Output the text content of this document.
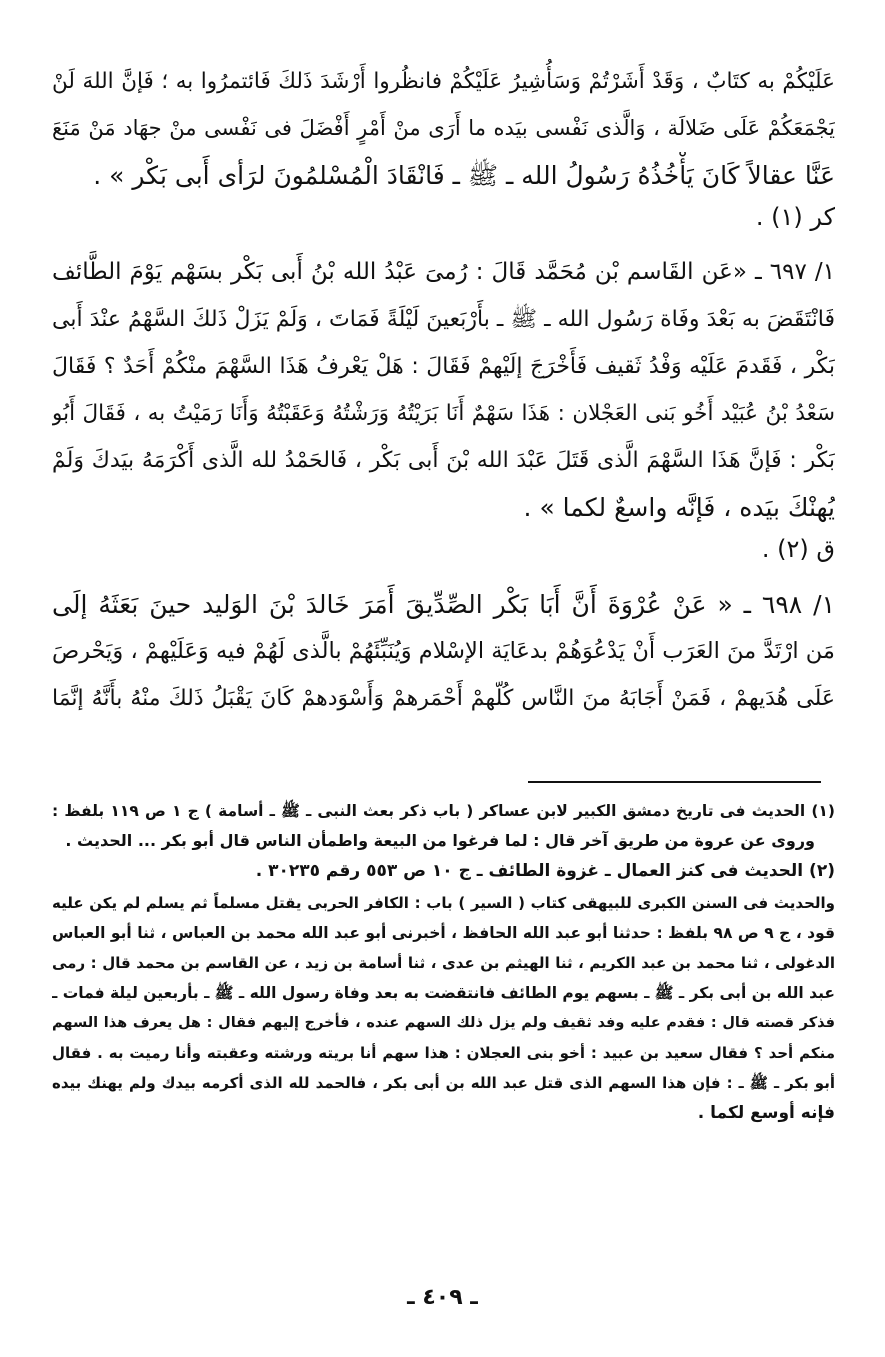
عَلَيْكُمْ به كتَابٌ ، وَقَدْ أَشَرْتُمْ وَسَأُشِيرُ عَلَيْكُمْ فانظُروا أَرْشَدَ ذَلكَ فَائتمرُوا به ؛ فَإنَّ اللهَ لَنْ
يَجْمَعَكُمْ عَلَى ضَلالَة ، وَالَّذى نَفْسى بيَده ما أَرَى منْ أَمْرٍ أَفْضَلَ فى نَفْسى منْ جهَاد مَنْ مَنَعَ
عَنَّا عقالاً كَانَ يَأْخُذُهُ رَسُولُ الله ـ ﷺ ـ فَانْقَادَ الْمُسْلمُونَ لرَأى أَبى بَكْر » .
كر (١) .
١/ ٦٩٧ ـ «عَن القَاسم بْن مُحَمَّد قَالَ : رُمىَ عَبْدُ الله بْنُ أَبى بَكْر بسَهْم يَوْمَ الطَّائف
فَانْتَقَضَ به بَعْدَ وفَاة رَسُول الله ـ ﷺ ـ بأَرْبَعينَ لَيْلَةً فَمَاتَ ، وَلَمْ يَزَلْ ذَلكَ السَّهْمُ عنْدَ أَبى
بَكْر ، فَقَدمَ عَلَيْه وَفْدُ ثَقيف فَأَخْرَجَ إلَيْهمْ فَقَالَ : هَلْ يَعْرفُ هَذَا السَّهْمَ منْكُمْ أَحَدٌ ؟ فَقَالَ
سَعْدُ بْنُ عُبَيْد أَخُو بَنى العَجْلان : هَذَا سَهْمٌ أَنَا بَرَيْتُهُ وَرَشْتُهُ وَعَقَبْتُهُ وَأَنَا رَمَيْتُ به ، فَقَالَ أَبُو
بَكْر : فَإنَّ هَذَا السَّهْمَ الَّذى قَتَلَ عَبْدَ الله بْنَ أَبى بَكْر ، فَالحَمْدُ لله الَّذى أَكْرَمَهُ بيَدكَ وَلَمْ
يُهنْكَ بيَده ، فَإنَّه واسعٌ لكما » .
ق (٢) .
١/ ٦٩٨ ـ « عَنْ عُرْوَةَ أَنَّ أَبَا بَكْر الصِّدِّيقَ أَمَرَ خَالدَ بْنَ الوَليد حينَ بَعَثَهُ إلَى
مَن ارْتَدَّ منَ العَرَب أَنْ يَدْعُوَهُمْ بدعَايَة الإسْلام وَيُنَبِّئَهُمْ بالَّذى لَهُمْ فيه وَعَلَيْهمْ ، وَيَحْرصَ
عَلَى هُدَيهمْ ، فَمَنْ أَجَابَهُ منَ النَّاس كُلّهمْ أَحْمَرهمْ وَأَسْوَدهمْ كَانَ يَقْبَلُ ذَلكَ منْهُ بأَنَّهُ إنَّمَا
(١) الحديث فى تاريخ دمشق الكبير لابن عساكر ( باب ذكر بعث النبى ـ ﷺ ـ أسامة ) ج ١ ص ١١٩ بلفظ :
وروى عن عروة من طريق آخر قال : لما فرغوا من البيعة واطمأن الناس قال أبو بكر ... الحديث .
(٢) الحديث فى كنز العمال ـ غزوة الطائف ـ ج ١٠ ص ٥٥٣ رقم ٣٠٢٣٥ .
والحديث فى السنن الكبرى للبيهقى كتاب ( السير ) باب : الكافر الحربى يقتل مسلماً ثم يسلم لم يكن عليه
قود ، ج ٩ ص ٩٨ بلفظ : حدثنا أبو عبد الله الحافظ ، أخبرنى أبو عبد الله محمد بن العباس ، ثنا أبو العباس
الدغولى ، ثنا محمد بن عبد الكريم ، ثنا الهيثم بن عدى ، ثنا أسامة بن زيد ، عن القاسم بن محمد قال : رمى
عبد الله بن أبى بكر ـ ﷺ ـ بسهم يوم الطائف فانتقضت به بعد وفاة رسول الله ـ ﷺ ـ بأربعين ليلة فمات ـ
فذكر قصته قال : فقدم عليه وفد ثقيف ولم يزل ذلك السهم عنده ، فأخرج إليهم فقال : هل يعرف هذا السهم
منكم أحد ؟ فقال سعيد بن عبيد : أخو بنى العجلان : هذا سهم أنا بريته ورشته وعقبته وأنا رميت به . فقال
أبو بكر ـ ﷺ ـ : فإن هذا السهم الذى قتل عبد الله بن أبى بكر ، فالحمد لله الذى أكرمه بيدك ولم يهنك بيده
فإنه أوسع لكما .
ـ ٤٠٩ ـ
